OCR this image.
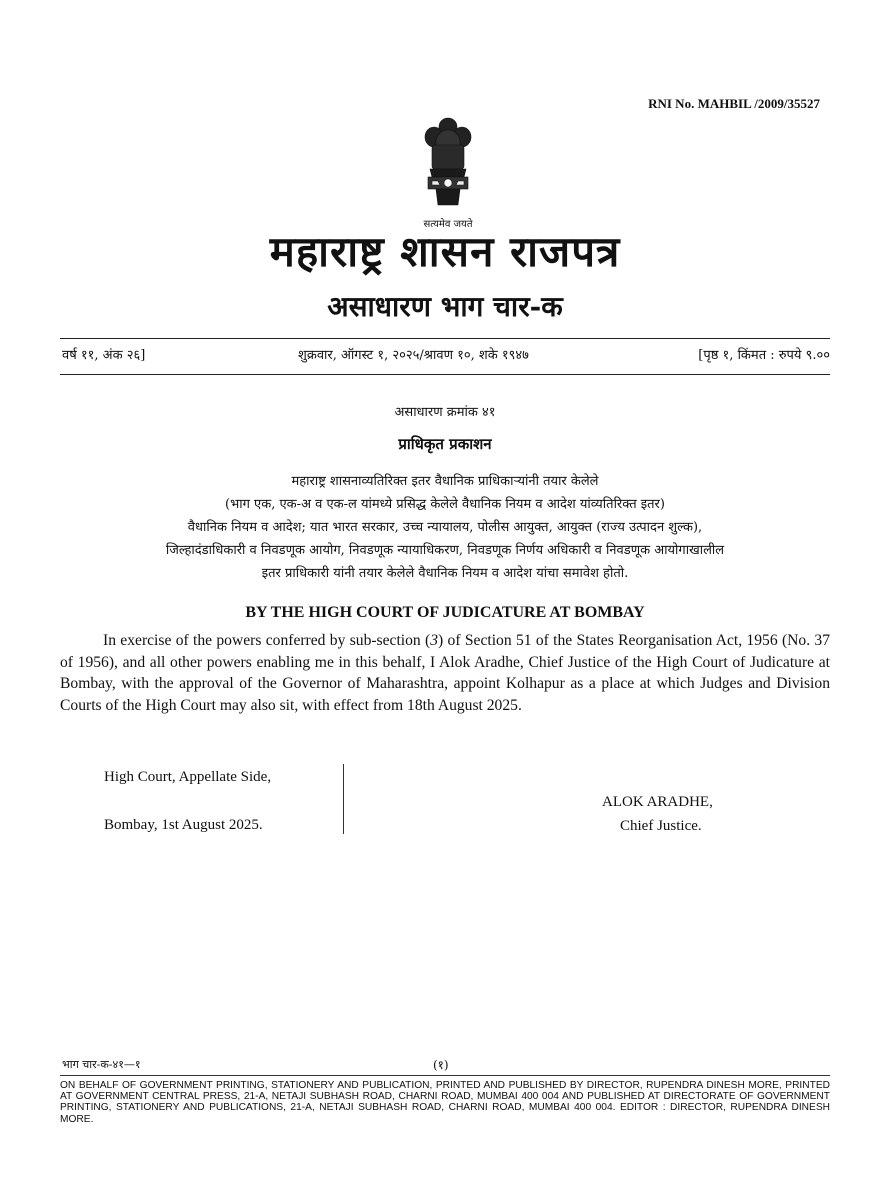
RNI No. MAHBIL /2009/35527
सत्यमेव जयते
महाराष्ट्र शासन राजपत्र
असाधारण भाग चार-क
वर्ष ११, अंक २६]	शुक्रवार, ऑगस्ट १, २०२५/श्रावण १०, शके १९४७	[पृष्ठ १, किंमत : रुपये ९.००
असाधारण क्रमांक ४१
प्राधिकृत प्रकाशन
महाराष्ट्र शासनाव्यतिरिक्त इतर वैधानिक प्राधिकाऱ्यांनी तयार केलेले
(भाग एक, एक-अ व एक-ल यांमध्ये प्रसिद्ध केलेले वैधानिक नियम व आदेश यांव्यतिरिक्त इतर)
वैधानिक नियम व आदेश; यात भारत सरकार, उच्च न्यायालय, पोलीस आयुक्त, आयुक्त (राज्य उत्पादन शुल्क),
जिल्हादंडाधिकारी व निवडणूक आयोग, निवडणूक न्यायाधिकरण, निवडणूक निर्णय अधिकारी व निवडणूक आयोगाखालील
इतर प्राधिकारी यांनी तयार केलेले वैधानिक नियम व आदेश यांचा समावेश होतो.
BY THE HIGH COURT OF JUDICATURE AT BOMBAY
In exercise of the powers conferred by sub-section (3) of Section 51 of the States Reorganisation Act, 1956 (No. 37 of 1956), and all other powers enabling me in this behalf, I Alok Aradhe, Chief Justice of the High Court of Judicature at Bombay, with the approval of the Governor of Maharashtra, appoint Kolhapur as a place at which Judges and Division Courts of the High Court may also sit, with effect from 18th August 2025.
High Court, Appellate Side,
Bombay, 1st August 2025.
ALOK ARADHE,
Chief Justice.
भाग चार-क-४१—१	(१)
ON BEHALF OF GOVERNMENT PRINTING, STATIONERY AND PUBLICATION, PRINTED AND PUBLISHED BY DIRECTOR, RUPENDRA DINESH MORE, PRINTED AT GOVERNMENT CENTRAL PRESS, 21-A, NETAJI SUBHASH ROAD, CHARNI ROAD, MUMBAI 400 004 AND PUBLISHED AT DIRECTORATE OF GOVERNMENT PRINTING, STATIONERY AND PUBLICATIONS, 21-A, NETAJI SUBHASH ROAD, CHARNI ROAD, MUMBAI 400 004. EDITOR : DIRECTOR, RUPENDRA DINESH MORE.
